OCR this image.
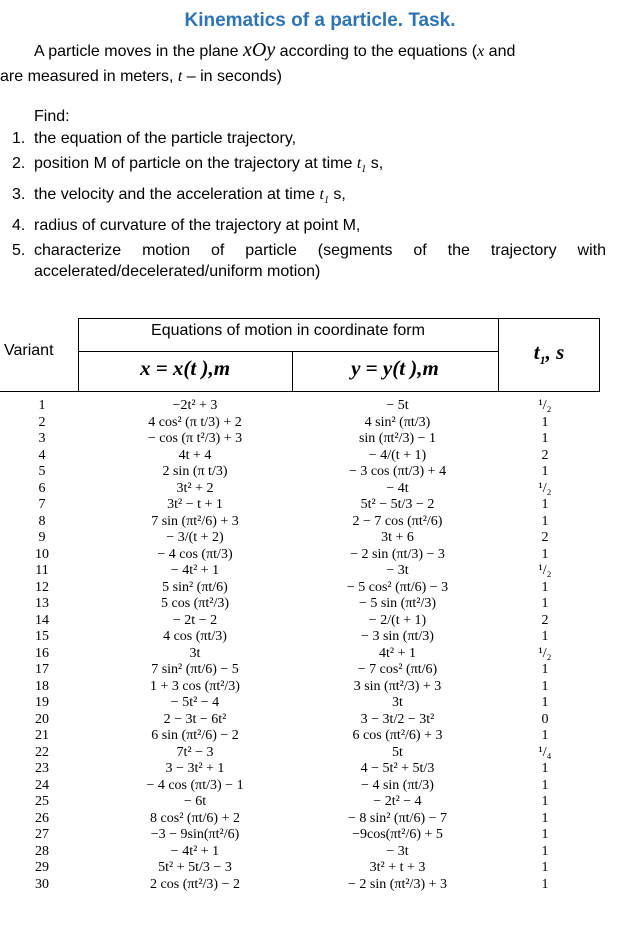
Kinematics of a particle. Task.
A particle moves in the plane xOy according to the equations (x and
are measured in meters, t – in seconds)
Find:
1. the equation of the particle trajectory,
2. position M of particle on the trajectory at time $t_1$ s,
3. the velocity and the acceleration at time $t_1$ s,
4. radius of curvature of the trajectory at point M,
5. characterize motion of particle (segments of the trajectory with accelerated/decelerated/uniform motion)
Variant
Equations of motion in coordinate form
x = x(t ),m	y = y(t ),m
$t_1$, s
1	−2t² + 3	− 5t	¹/₂
2	4 cos² (π t/3) + 2	4 sin² (πt/3)	1
3	− cos (π t²/3) + 3	sin (πt²/3) − 1	1
4	4t + 4	− 4/(t + 1)	2
5	2 sin (π t/3)	− 3 cos (πt/3) + 4	1
6	3t² + 2	− 4t	¹/₂
7	3t² − t + 1	5t² − 5t/3 − 2	1
8	7 sin (πt²/6) + 3	2 − 7 cos (πt²/6)	1
9	− 3/(t + 2)	3t + 6	2
10	− 4 cos (πt/3)	− 2 sin (πt/3) − 3	1
11	− 4t² + 1	− 3t	¹/₂
12	5 sin² (πt/6)	− 5 cos² (πt/6) − 3	1
13	5 cos (πt²/3)	− 5 sin (πt²/3)	1
14	− 2t − 2	− 2/(t + 1)	2
15	4 cos (πt/3)	− 3 sin (πt/3)	1
16	3t	4t² + 1	¹/₂
17	7 sin² (πt/6) − 5	− 7 cos² (πt/6)	1
18	1 + 3 cos (πt²/3)	3 sin (πt²/3) + 3	1
19	− 5t² − 4	3t	1
20	2 − 3t − 6t²	3 − 3t/2 − 3t²	0
21	6 sin (πt²/6) − 2	6 cos (πt²/6) + 3	1
22	7t² − 3	5t	¹/₄
23	3 − 3t² + 1	4 − 5t² + 5t/3	1
24	− 4 cos (πt/3) − 1	− 4 sin (πt/3)	1
25	− 6t	− 2t² − 4	1
26	8 cos² (πt/6) + 2	− 8 sin² (πt/6) − 7	1
27	−3 − 9sin(πt²/6)	−9cos(πt²/6) + 5	1
28	− 4t² + 1	− 3t	1
29	5t² + 5t/3 − 3	3t² + t + 3	1
30	2 cos (πt²/3) − 2	− 2 sin (πt²/3) + 3	1
